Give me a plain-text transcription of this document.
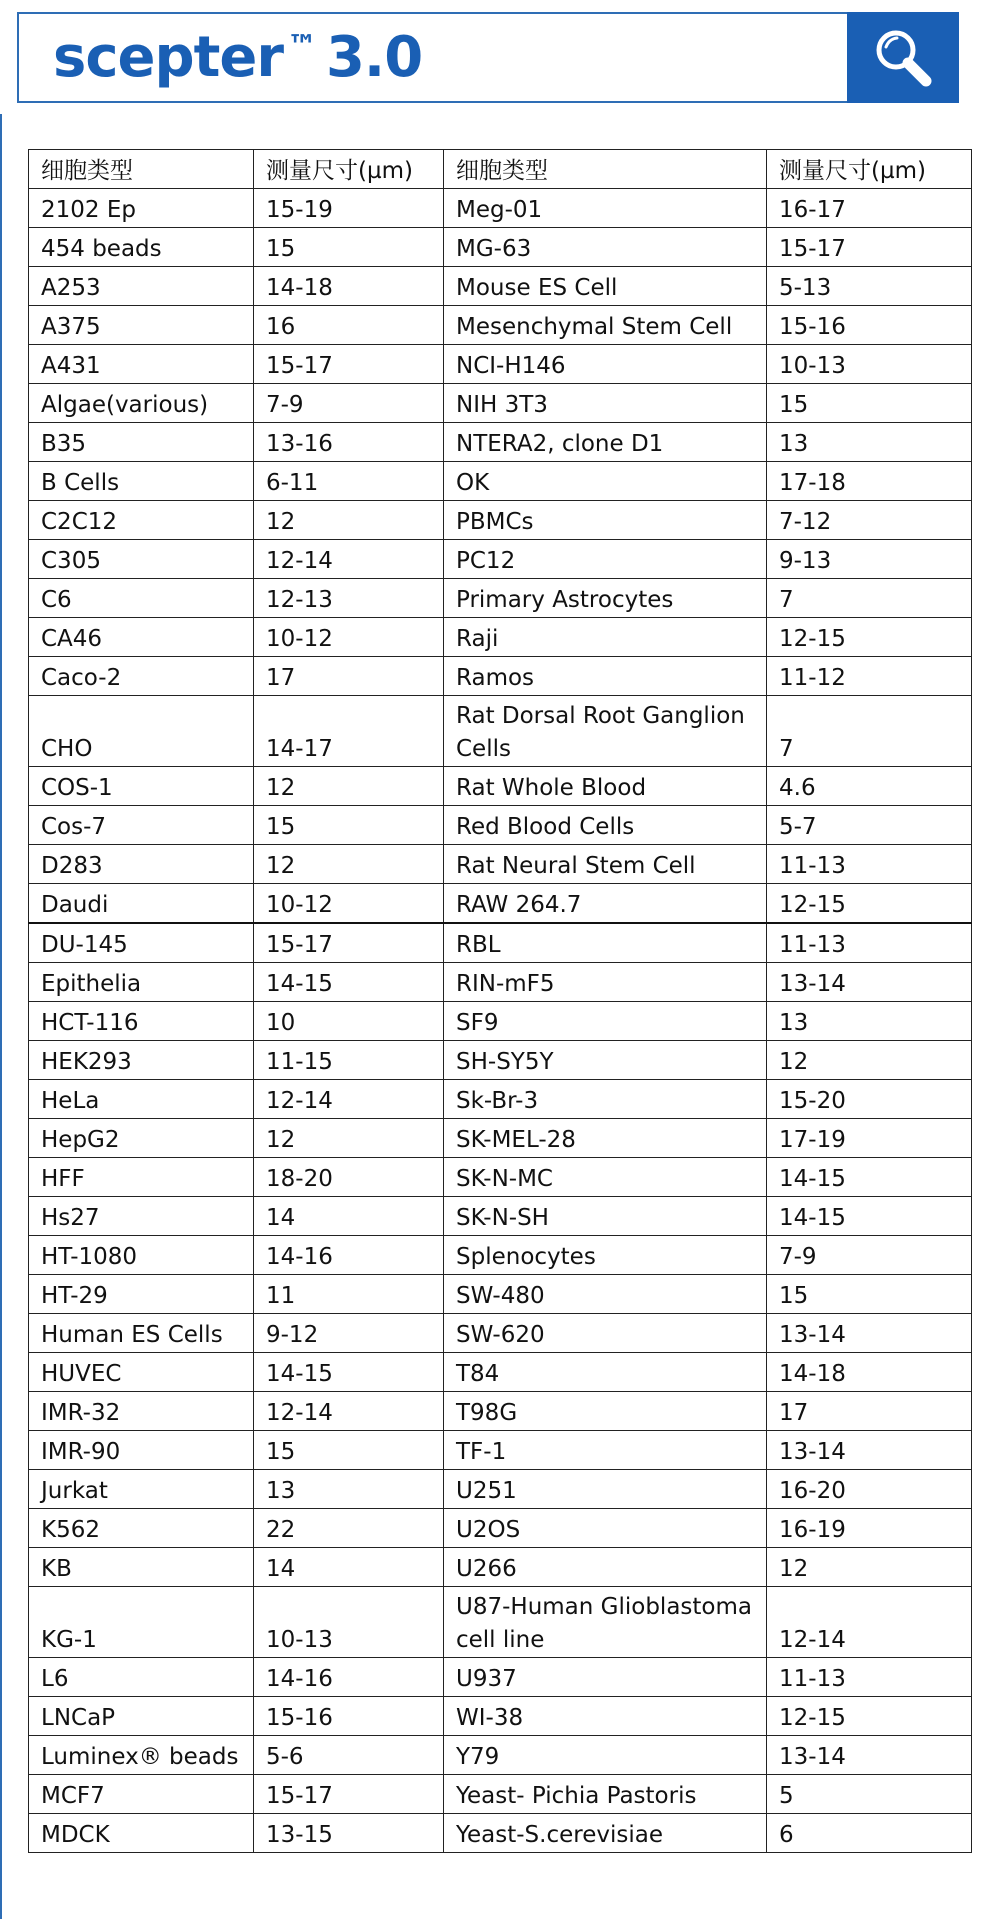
scepter ™ 3.0
细胞类型	测量尺寸(µm)	细胞类型	测量尺寸(µm)
2102 Ep	15-19	Meg-01	16-17
454 beads	15	MG-63	15-17
A253	14-18	Mouse ES Cell	5-13
A375	16	Mesenchymal Stem Cell	15-16
A431	15-17	NCI-H146	10-13
Algae(various)	7-9	NIH 3T3	15
B35	13-16	NTERA2, clone D1	13
B Cells	6-11	OK	17-18
C2C12	12	PBMCs	7-12
C305	12-14	PC12	9-13
C6	12-13	Primary Astrocytes	7
CA46	10-12	Raji	12-15
Caco-2	17	Ramos	11-12
CHO	14-17	Rat Dorsal Root Ganglion Cells	7
COS-1	12	Rat Whole Blood	4.6
Cos-7	15	Red Blood Cells	5-7
D283	12	Rat Neural Stem Cell	11-13
Daudi	10-12	RAW 264.7	12-15
DU-145	15-17	RBL	11-13
Epithelia	14-15	RIN-mF5	13-14
HCT-116	10	SF9	13
HEK293	11-15	SH-SY5Y	12
HeLa	12-14	Sk-Br-3	15-20
HepG2	12	SK-MEL-28	17-19
HFF	18-20	SK-N-MC	14-15
Hs27	14	SK-N-SH	14-15
HT-1080	14-16	Splenocytes	7-9
HT-29	11	SW-480	15
Human ES Cells	9-12	SW-620	13-14
HUVEC	14-15	T84	14-18
IMR-32	12-14	T98G	17
IMR-90	15	TF-1	13-14
Jurkat	13	U251	16-20
K562	22	U2OS	16-19
KB	14	U266	12
KG-1	10-13	U87-Human Glioblastoma cell line	12-14
L6	14-16	U937	11-13
LNCaP	15-16	WI-38	12-15
Luminex® beads	5-6	Y79	13-14
MCF7	15-17	Yeast- Pichia Pastoris	5
MDCK	13-15	Yeast-S.cerevisiae	6
